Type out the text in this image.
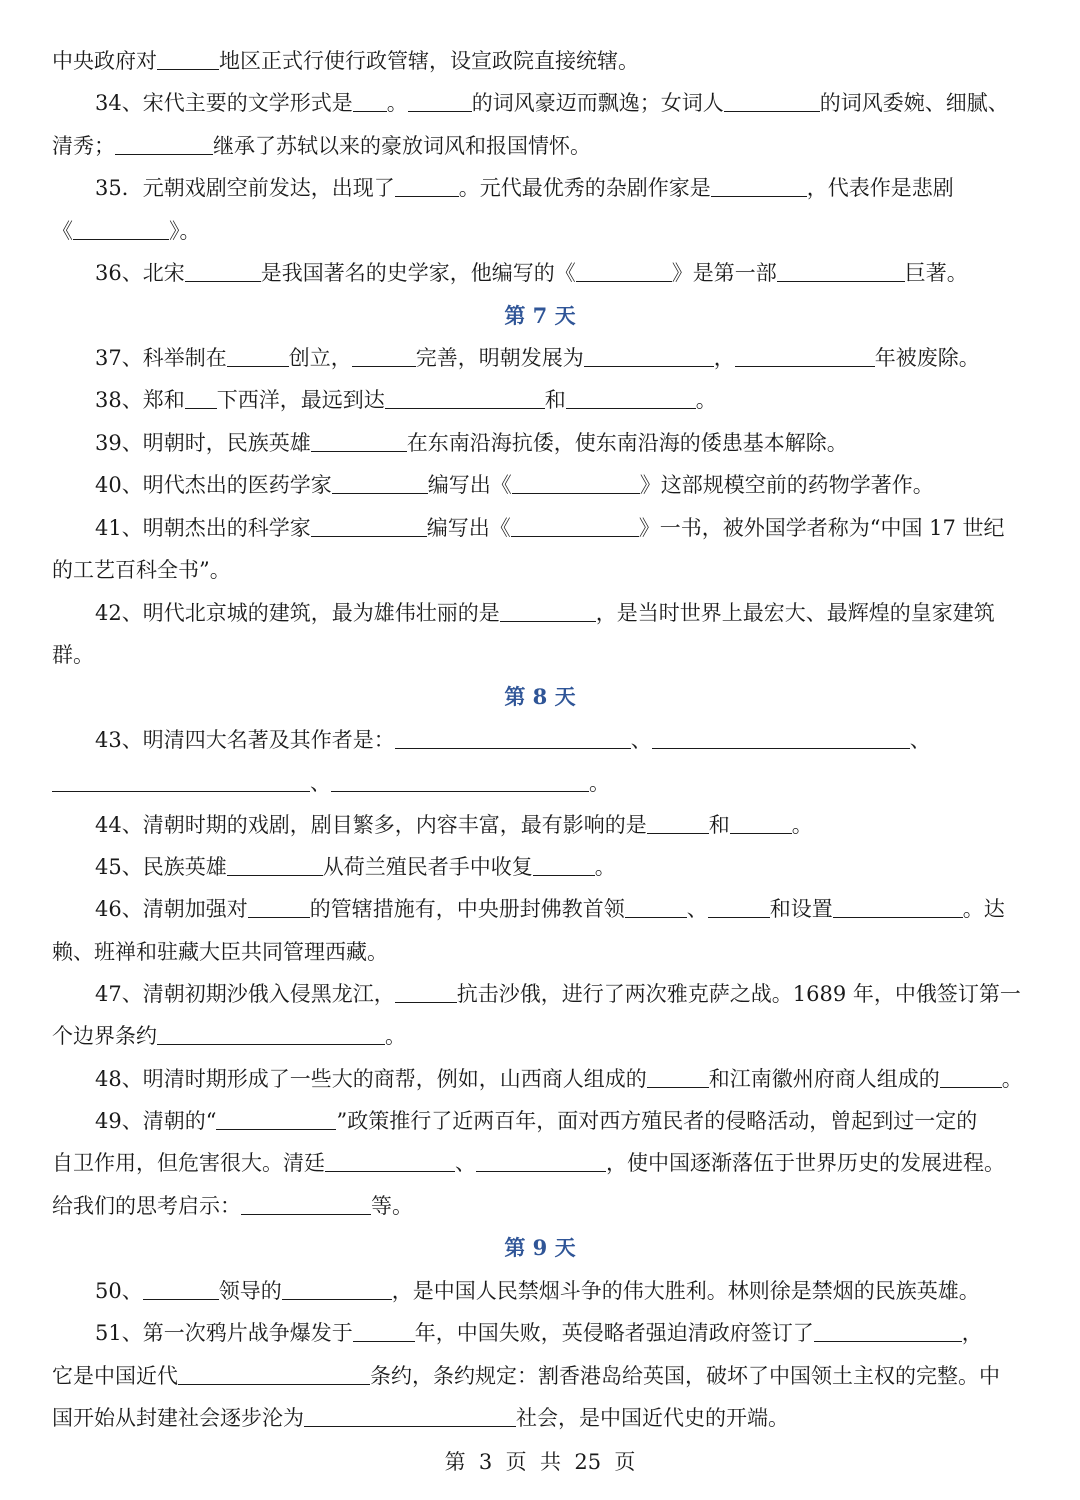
中央政府对	地区正式行使行政管辖，设宣政院直接统辖。
34、宋代主要的文学形式是 。	的词风豪迈而飘逸；女词人	的词风委婉、细腻、
清秀；	继承了苏轼以来的豪放词风和报国情怀。
35．元朝戏剧空前发达，出现了	。元代最优秀的杂剧作家是	，代表作是悲剧
《	》。
36、北宋	是我国著名的史学家，他编写的《	》是第一部	巨著。
37、科举制在	创立，	完善，明朝发展为	，	年被废除。
38、郑和 下西洋，最远到达	和	。
39、明朝时，民族英雄	在东南沿海抗倭，使东南沿海的倭患基本解除。
40、明代杰出的医药学家	编写出《	》这部规模空前的药物学著作。
41、明朝杰出的科学家	编写出《	》一书，被外国学者称为“中国 17 世纪
的工艺百科全书”。
42、明代北京城的建筑，最为雄伟壮丽的是	，是当时世界上最宏大、最辉煌的皇家建筑
群。
43、明清四大名著及其作者是：	、	、
、	。
44、清朝时期的戏剧，剧目繁多，内容丰富，最有影响的是	和	。
45、民族英雄	从荷兰殖民者手中收复	。
46、清朝加强对	的管辖措施有，中央册封佛教首领	、	和设置	。达
赖、班禅和驻藏大臣共同管理西藏。
47、清朝初期沙俄入侵黑龙江，	抗击沙俄，进行了两次雅克萨之战。1689 年，中俄签订第一
个边界条约	。
48、明清时期形成了一些大的商帮，例如，山西商人组成的	和江南徽州府商人组成的	。
49、清朝的“	”政策推行了近两百年，面对西方殖民者的侵略活动，曾起到过一定的
自卫作用，但危害很大。清廷	、	，使中国逐渐落伍于世界历史的发展进程。
给我们的思考启示：	等。
50、	领导的	，是中国人民禁烟斗争的伟大胜利。林则徐是禁烟的民族英雄。
51、第一次鸦片战争爆发于	年，中国失败，英侵略者强迫清政府签订了	，
它是中国近代	条约，条约规定：割香港岛给英国，破坏了中国领土主权的完整。中
国开始从封建社会逐步沦为	社会，是中国近代史的开端。
第 7 天
第 8 天
第 9 天
第  3  页  共  25  页
